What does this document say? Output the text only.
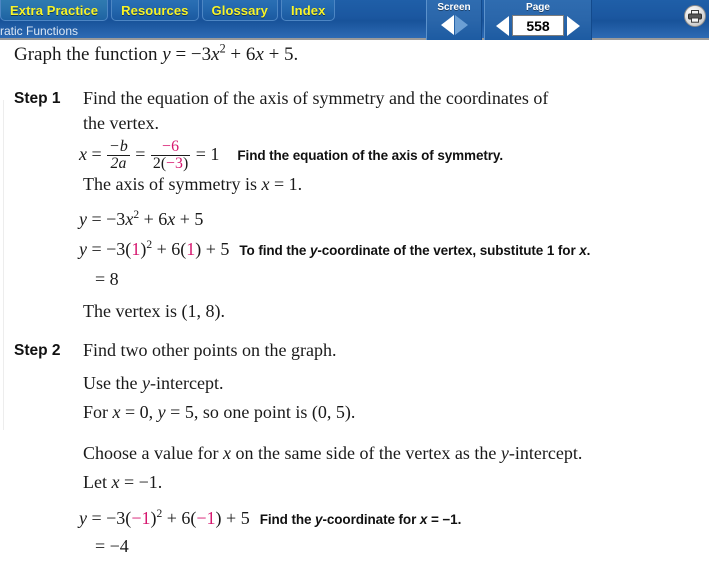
Extra Practice Resources Glossary Index
ratic Functions
Screen	Page
558
Graph the function $y = -3x^2 + 6x + 5$.
Step 1 Find the equation of the axis of symmetry and the coordinates of
the vertex.
$x = \frac{-b}{2a} = \frac{-6}{2(-3)} = 1$ Find the equation of the axis of symmetry.
The axis of symmetry is x = 1.
$y = -3x^2 + 6x + 5$
$y = -3(1)^2 + 6(1) + 5$ To find the y-coordinate of the vertex, substitute 1 for x.
= 8
The vertex is (1, 8).
Step 2 Find two other points on the graph.
Use the y-intercept.
For x = 0, y = 5, so one point is (0, 5).
Choose a value for x on the same side of the vertex as the y-intercept.
Let x = −1.
$y = -3(-1)^2 + 6(-1) + 5$ Find the y-coordinate for x = −1.
= −4
